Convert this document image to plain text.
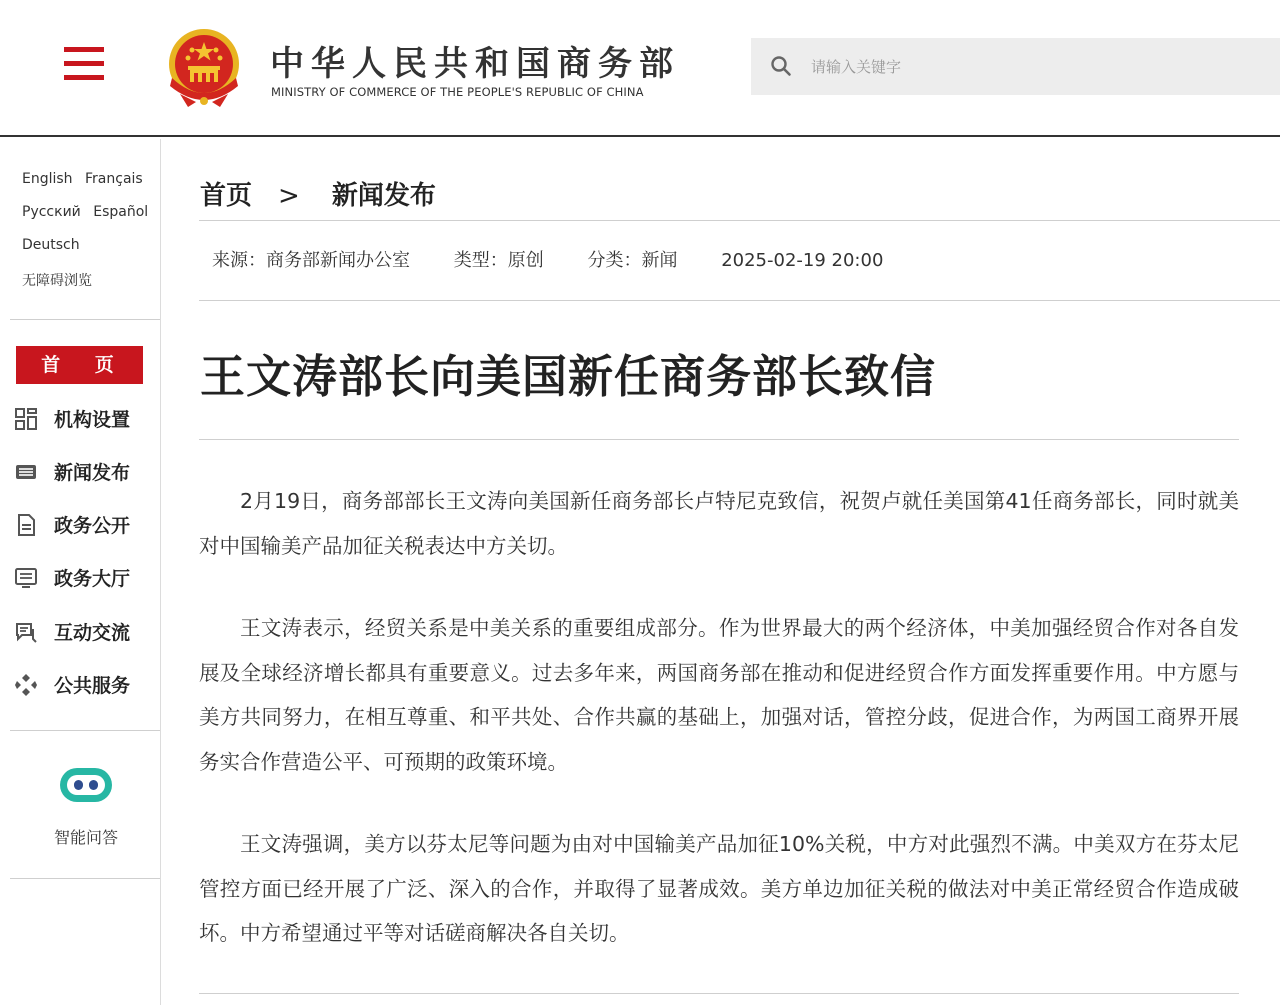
中华人民共和国商务部
MINISTRY OF COMMERCE OF THE PEOPLE'S REPUBLIC OF CHINA
请输入关键字
English Français
Русский Español
Deutsch
无障碍浏览
首 页
机构设置
新闻发布
政务公开
政务大厅
互动交流
公共服务
智能问答
首页 > 新闻发布
来源：商务部新闻办公室 类型：原创 分类：新闻 2025-02-19 20:00
王文涛部长向美国新任商务部长致信

2月19日，商务部部长王文涛向美国新任商务部长卢特尼克致信，祝贺卢就任美国第41任商务部长，同时就美对中国输美产品加征关税表达中方关切。

王文涛表示，经贸关系是中美关系的重要组成部分。作为世界最大的两个经济体，中美加强经贸合作对各自发展及全球经济增长都具有重要意义。过去多年来，两国商务部在推动和促进经贸合作方面发挥重要作用。中方愿与美方共同努力，在相互尊重、和平共处、合作共赢的基础上，加强对话，管控分歧，促进合作，为两国工商界开展务实合作营造公平、可预期的政策环境。

王文涛强调，美方以芬太尼等问题为由对中国输美产品加征10%关税，中方对此强烈不满。中美双方在芬太尼管控方面已经开展了广泛、深入的合作，并取得了显著成效。美方单边加征关税的做法对中美正常经贸合作造成破坏。中方希望通过平等对话磋商解决各自关切。
